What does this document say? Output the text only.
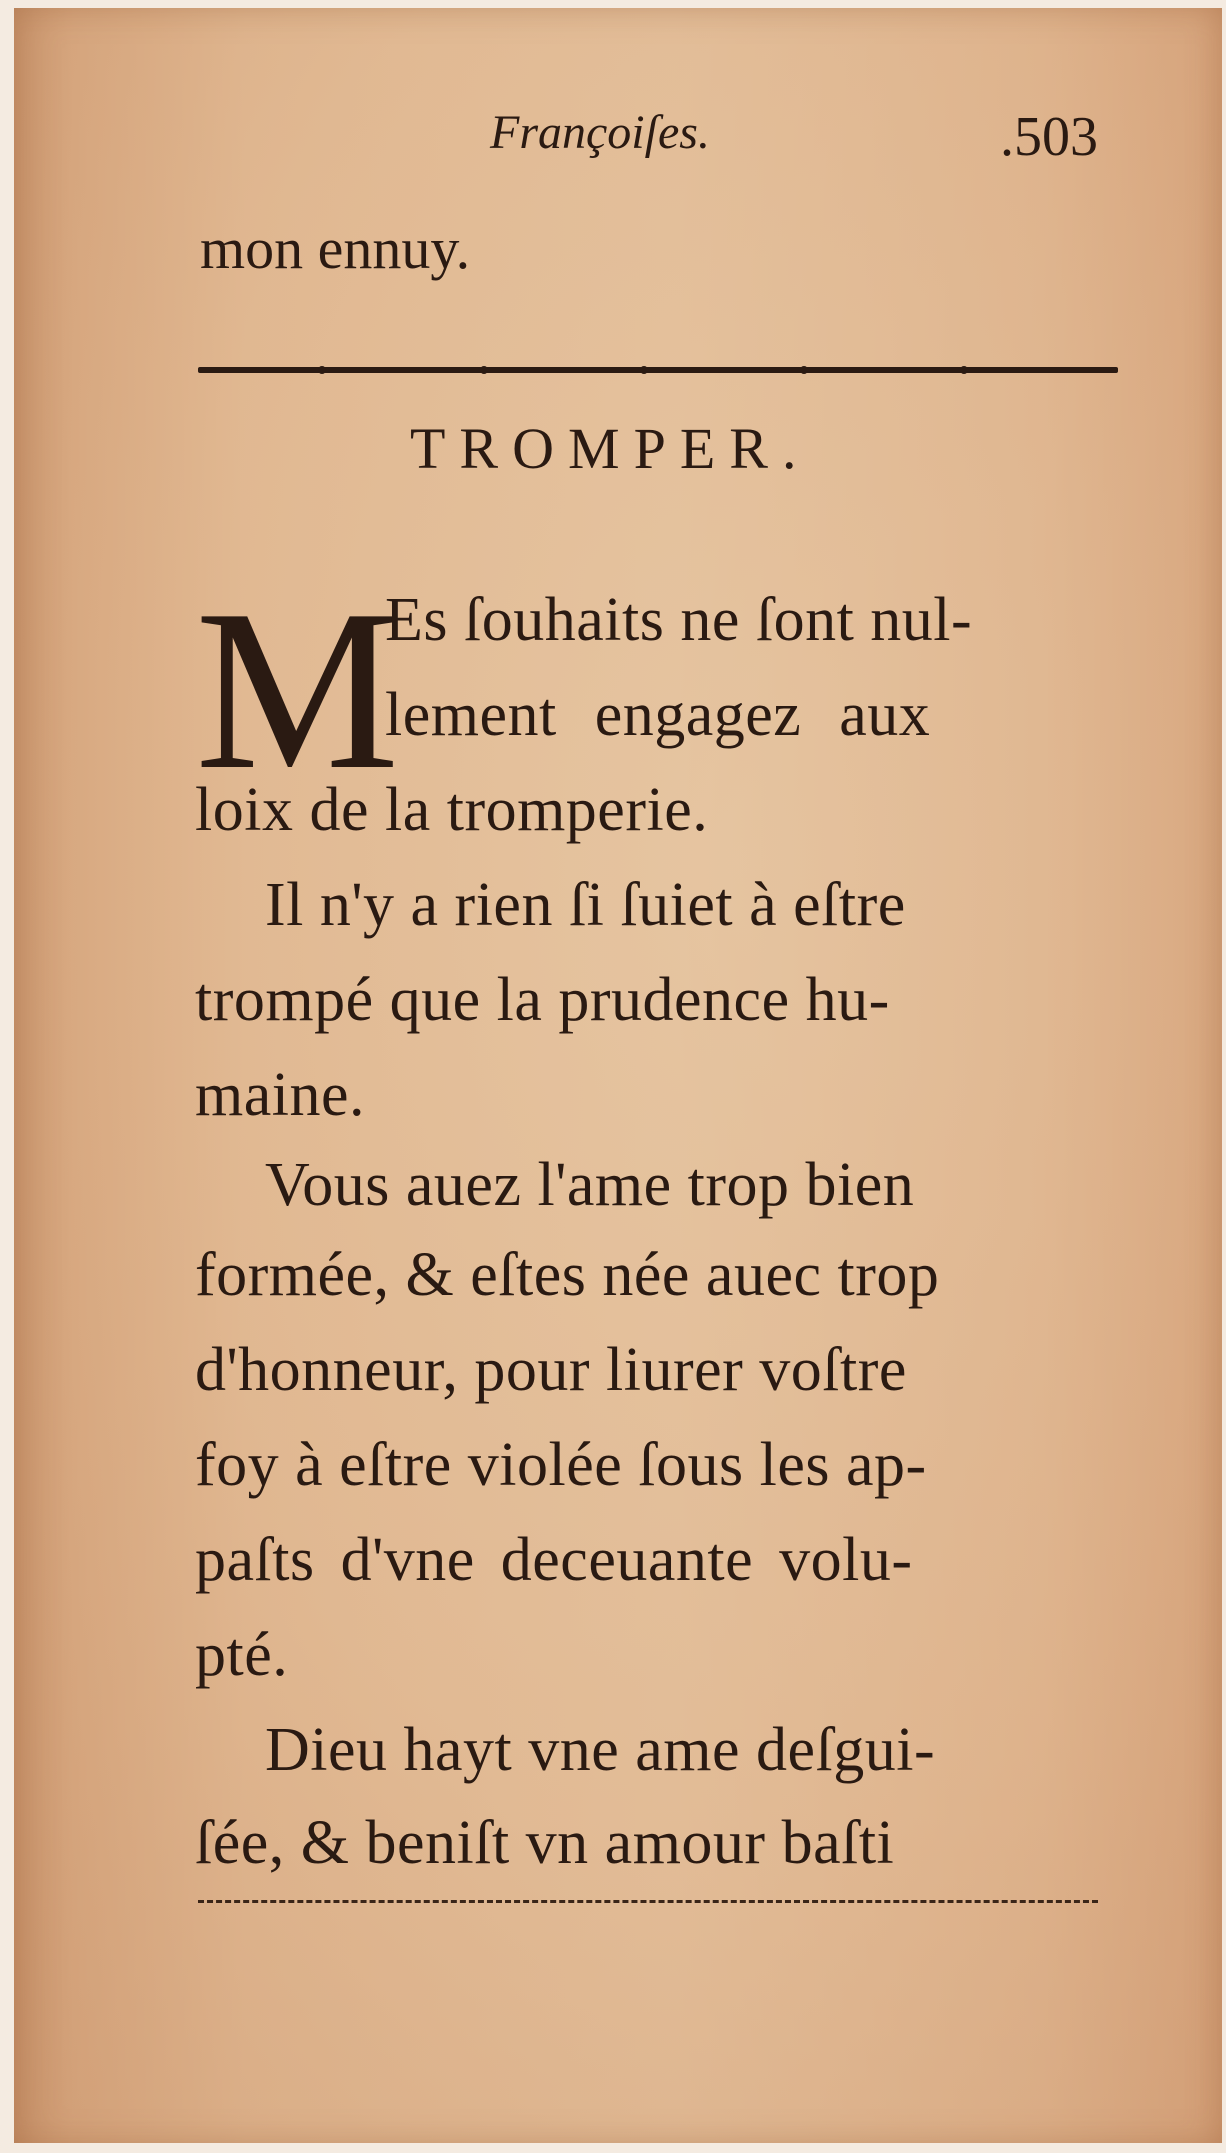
Françoiſes.	.503
mon ennuy.
TROMPER.
M
Es ſouhaits ne ſont nul-
lement engagez aux
loix de la tromperie.
Il n'y a rien ſi ſuiet à eſtre
trompé que la prudence hu-
maine.
Vous auez l'ame trop bien
formée, & eſtes née auec trop
d'honneur, pour liurer voſtre
foy à eſtre violée ſous les ap-
paſts d'vne deceuante volu-
pté.
Dieu hayt vne ame deſgui-
ſée, & beniſt vn amour baſti
